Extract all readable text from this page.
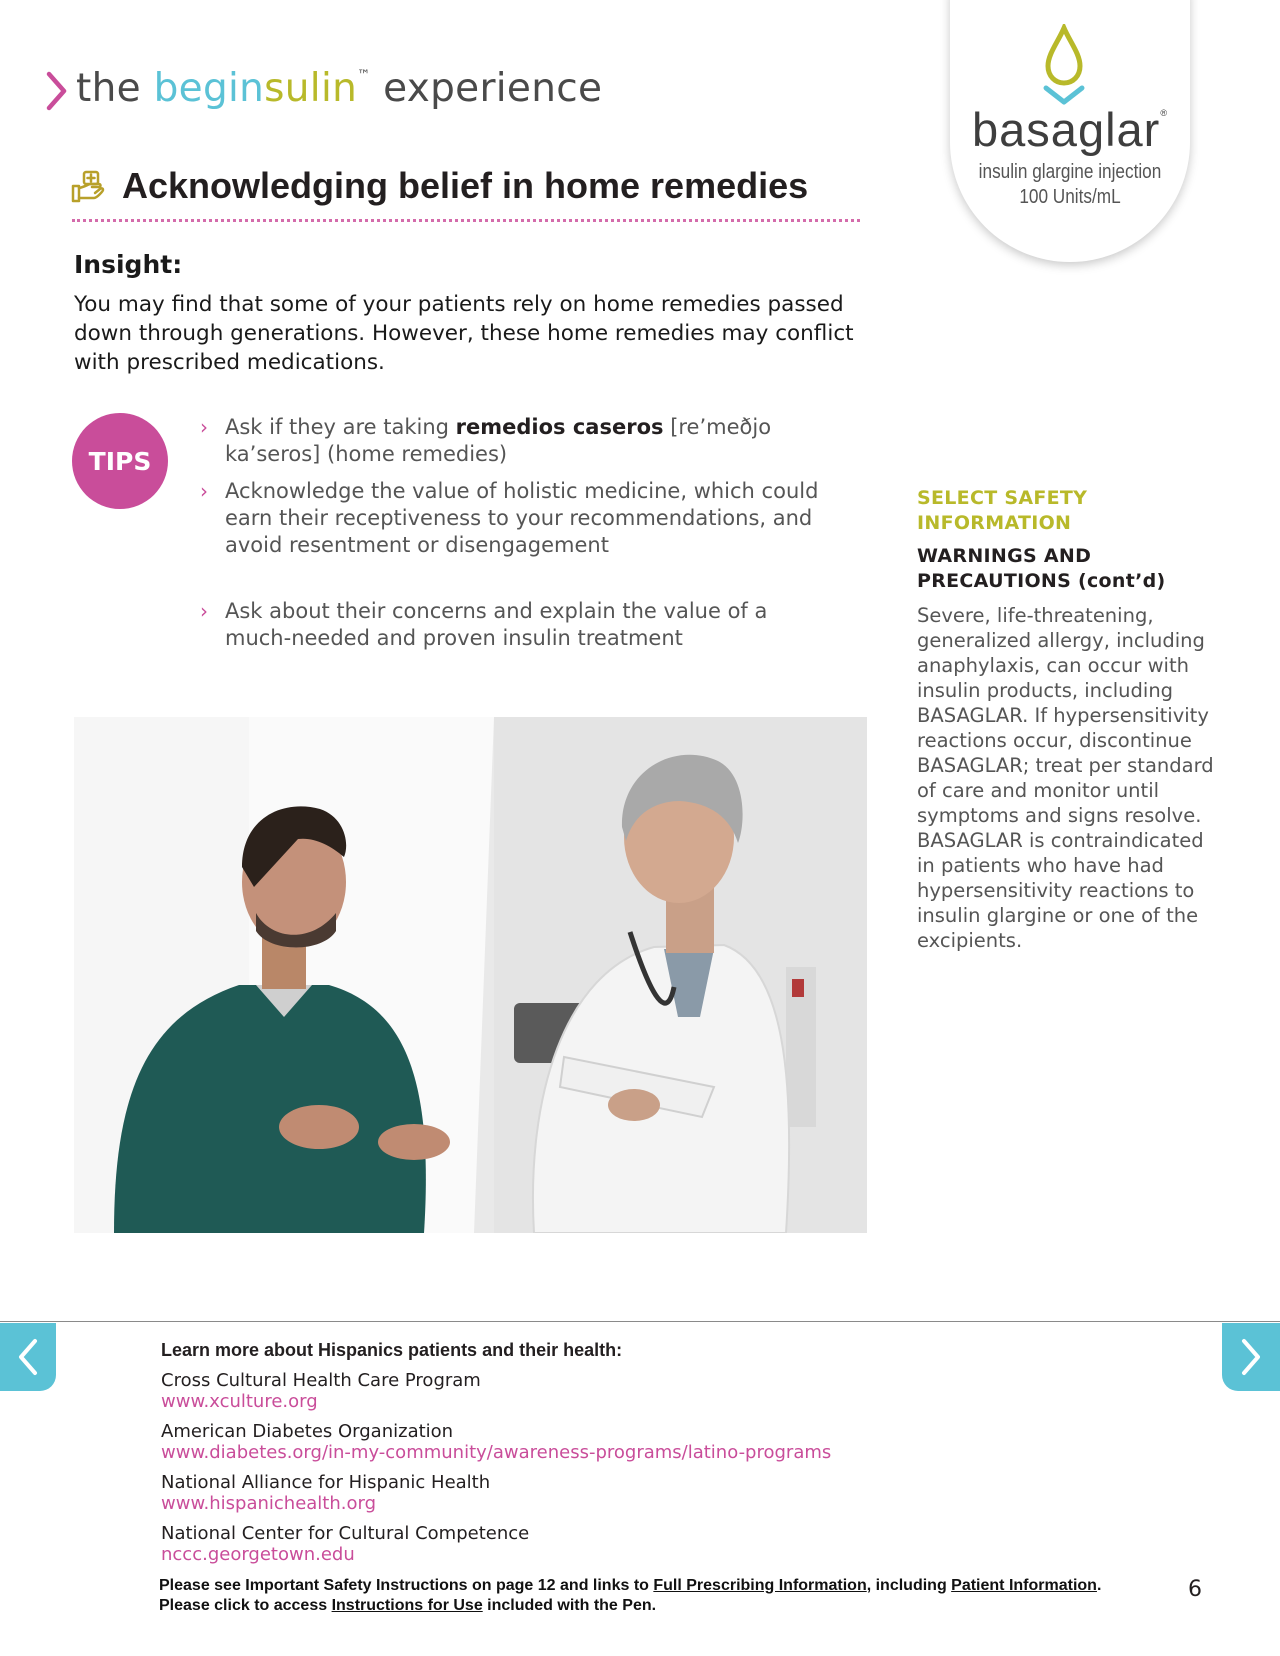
the beginsulin™ experience
basaglar®
insulin glargine injection
100 Units/mL
Acknowledging belief in home remedies
Insight:
You may find that some of your patients rely on home remedies passed down through generations. However, these home remedies may conflict with prescribed medications.
TIPS
› Ask if they are taking remedios caseros [re’meðjo ka’seros] (home remedies)
› Acknowledge the value of holistic medicine, which could earn their receptiveness to your recommendations, and avoid resentment or disengagement
› Ask about their concerns and explain the value of a much-needed and proven insulin treatment
SELECT SAFETY INFORMATION
WARNINGS AND PRECAUTIONS (cont’d)
Severe, life-threatening, generalized allergy, including anaphylaxis, can occur with insulin products, including BASAGLAR. If hypersensitivity reactions occur, discontinue BASAGLAR; treat per standard of care and monitor until symptoms and signs resolve. BASAGLAR is contraindicated in patients who have had hypersensitivity reactions to insulin glargine or one of the excipients.
Learn more about Hispanics patients and their health:
Cross Cultural Health Care Program
www.xculture.org
American Diabetes Organization
www.diabetes.org/in-my-community/awareness-programs/latino-programs
National Alliance for Hispanic Health
www.hispanichealth.org
National Center for Cultural Competence
nccc.georgetown.edu
Please see Important Safety Instructions on page 12 and links to Full Prescribing Information, including Patient Information.
Please click to access Instructions for Use included with the Pen.
6
